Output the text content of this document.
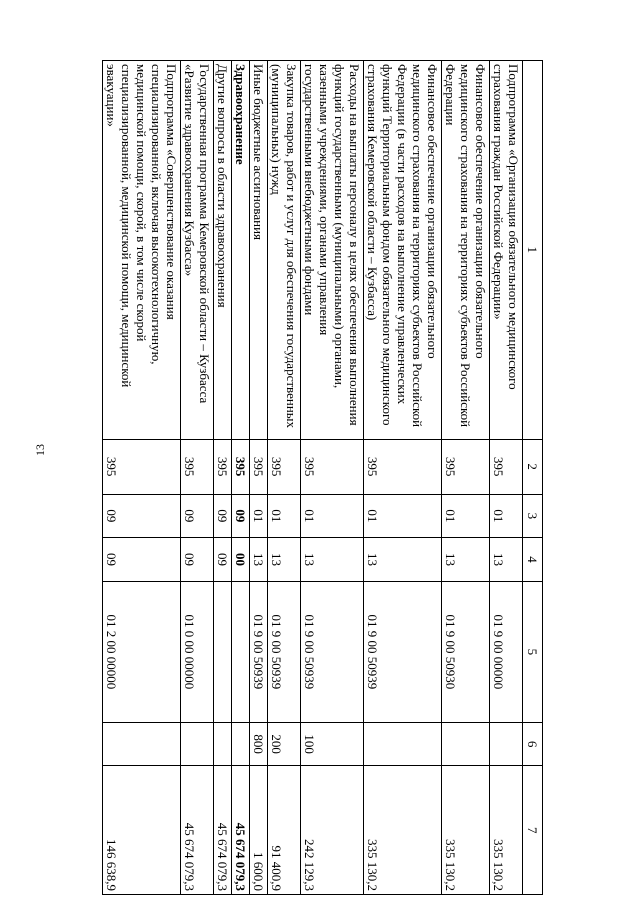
13
1	2	3	4	5	6	7
Подпрограмма «Организация обязательного медицинского страхования граждан Российской Федерации»	395	01	13	01 9 00 00000		335 130,2
Финансовое обеспечение организации обязательного медицинского страхования на территориях субъектов Российской Федерации	395	01	13	01 9 00 50930		335 130,2
Финансовое обеспечение организации обязательного медицинского страхования на территориях субъектов Российской Федерации (в части расходов на выполнение управленческих функций Территориальным фондом обязательного медицинского страхования Кемеровской области – Кузбасса)	395	01	13	01 9 00 50939		335 130,2
Расходы на выплаты персоналу в целях обеспечения выполнения функций государственными (муниципальными) органами, казенными учреждениями, органами управления государственными внебюджетными фондами	395	01	13	01 9 00 50939	100	242 129,3
Закупка товаров, работ и услуг для обеспечения государственных (муниципальных) нужд	395	01	13	01 9 00 50939	200	91 400,9
Иные бюджетные ассигнования	395	01	13	01 9 00 50939	800	1 600,0
Здравоохранение	395	09	00			45 674 079,3
Другие вопросы в области здравоохранения	395	09	09			45 674 079,3
Государственная программа Кемеровской области – Кузбасса «Развитие здравоохранения Кузбасса»	395	09	09	01 0 00 00000		45 674 079,3
Подпрограмма «Совершенствование оказания специализированной, включая высокотехнологичную, медицинской помощи, скорой, в том числе скорой специализированной, медицинской помощи, медицинской эвакуации»	395	09	09	01 2 00 00000		146 638,9
